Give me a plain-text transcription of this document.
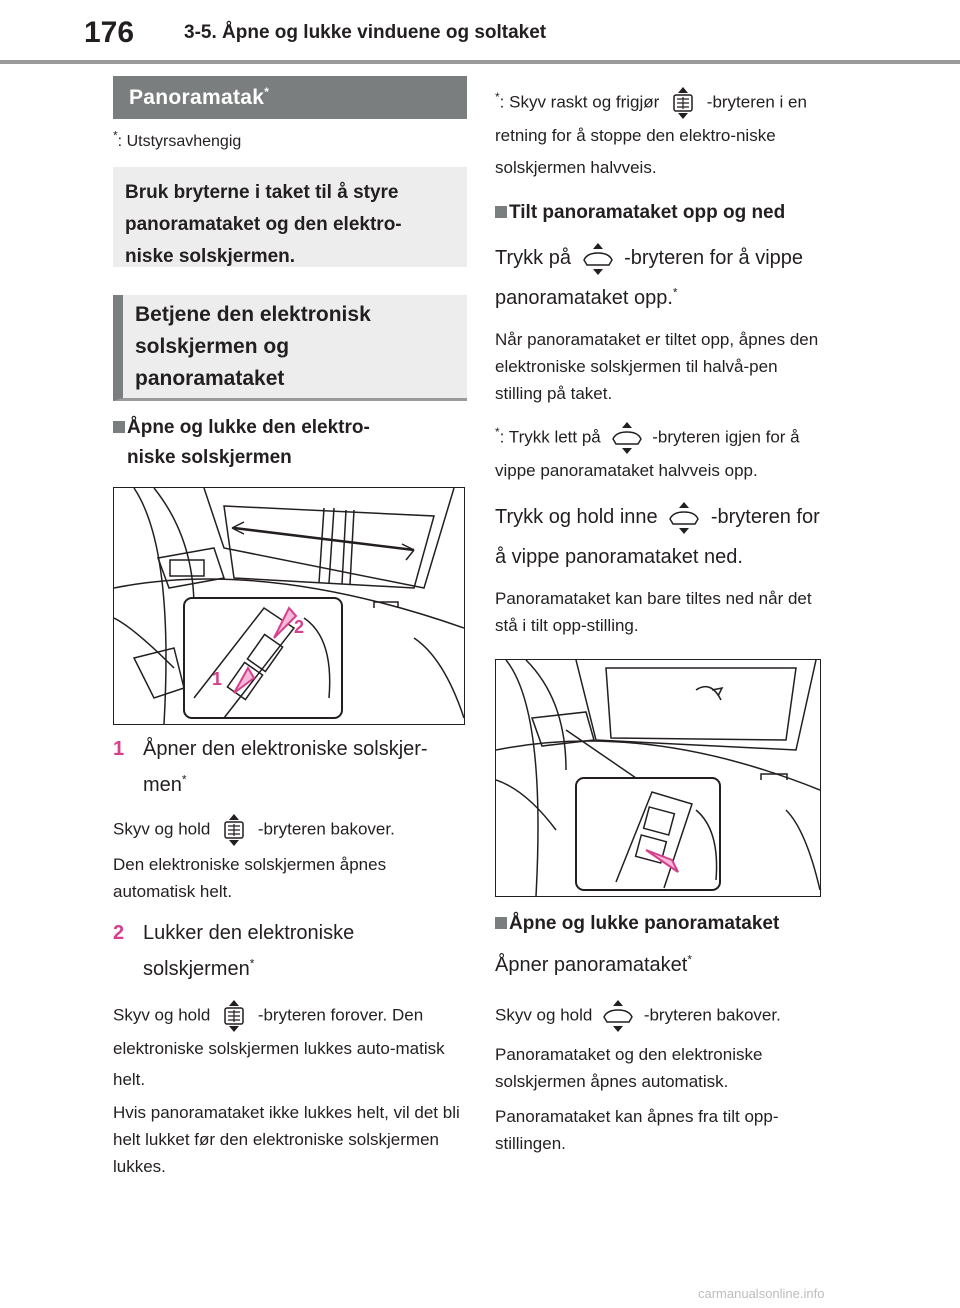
176	3-5. Åpne og lukke vinduene og soltaket
Panoramatak*
*: Utstyrsavhengig
Bruk bryterne i taket til å styre
panoramataket og den elektro-
niske solskjermen.
Betjene den elektronisk
solskjermen og
panoramataket
Åpne og lukke den elektro-
niske solskjermen
2
1
1 Åpner den elektroniske solskjer-
men*
Skyv og hold	-bryteren bakover.
Den elektroniske solskjermen åpnes automatisk helt.
2 Lukker den elektroniske
solskjermen*
Skyv og hold	-bryteren forover. Den elektroniske solskjermen lukkes auto-matisk helt.
Hvis panoramataket ikke lukkes helt, vil det bli helt lukket før den elektroniske solskjermen lukkes.
*: Skyv raskt og frigjør	-bryteren i en retning for å stoppe den elektro-niske solskjermen halvveis.
Tilt panoramataket opp og ned
Trykk på	-bryteren for å vippe panoramataket opp.*
Når panoramataket er tiltet opp, åpnes den elektroniske solskjermen til halvå-pen stilling på taket.
*: Trykk lett på	-bryteren igjen for å vippe panoramataket halvveis opp.
Trykk og hold inne	-bryteren for å vippe panoramataket ned.
Panoramataket kan bare tiltes ned når det stå i tilt opp-stilling.
Åpne og lukke panoramataket
Åpner panoramataket*
Skyv og hold	-bryteren bakover.
Panoramataket og den elektroniske solskjermen åpnes automatisk.
Panoramataket kan åpnes fra tilt opp-stillingen.
carmanualsonline.info
